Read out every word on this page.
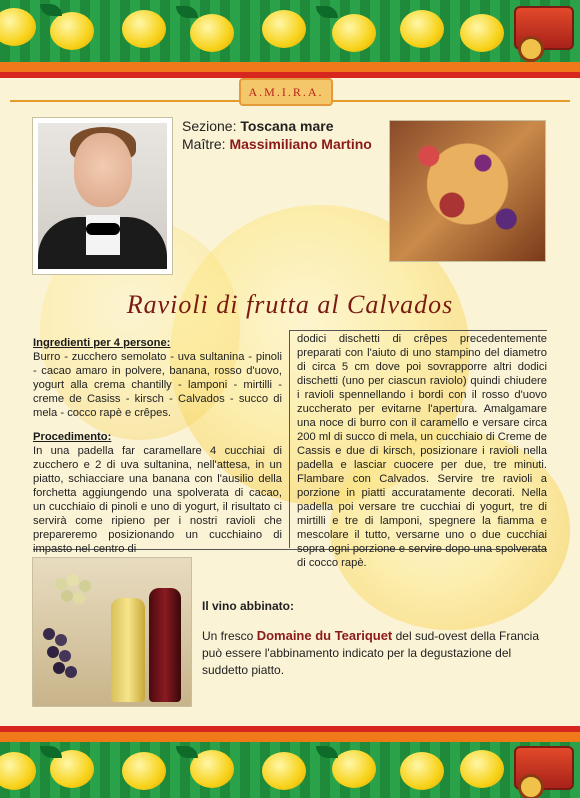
A.M.I.R.A.
Sezione: Toscana mare
Maître: Massimiliano Martino
Ravioli di frutta al Calvados
Ingredienti per 4 persone:
Burro - zucchero semolato - uva sultanina - pinoli - cacao amaro in polvere, banana, rosso d'uovo, yogurt alla crema chantilly - lamponi - mirtilli - creme de Casiss - kirsch - Calvados - succo di mela - cocco rapè e crêpes.
Procedimento:
In una padella far caramellare 4 cucchiai di zucchero e 2 di uva sultanina, nell'attesa, in un piatto, schiacciare una banana con l'ausilio della forchetta aggiungendo una spolverata di cacao, un cucchiaio di pinoli e uno di yogurt, il risultato ci servirà come ripieno per i nostri ravioli che prepareremo posizionando un cucchiaino di impasto nel centro di
dodici dischetti di crêpes precedentemente preparati con l'aiuto di uno stampino del diametro di circa 5 cm dove poi sovrapporre altri dodici dischetti (uno per ciascun raviolo) quindi chiudere i ravioli spennellando i bordi con il rosso d'uovo zuccherato per evitarne l'apertura. Amalgamare una noce di burro con il caramello e versare circa 200 ml di succo di mela, un cucchiaio di Creme de Cassis e due di kirsch, posizionare i ravioli nella padella e lasciar cuocere per due, tre minuti. Flambare con Calvados. Servire tre ravioli a porzione in piatti accuratamente decorati. Nella padella poi versare tre cucchiai di yogurt, tre di mirtilli e tre di lamponi, spegnere la fiamma e mescolare il tutto, versarne uno o due cucchiai sopra ogni porzione e servire dopo una spolverata di cocco rapè.
Il vino abbinato:
Un fresco Domaine du Teariquet del sud-ovest della Francia può essere l'abbinamento indicato per la degustazione del suddetto piatto.
